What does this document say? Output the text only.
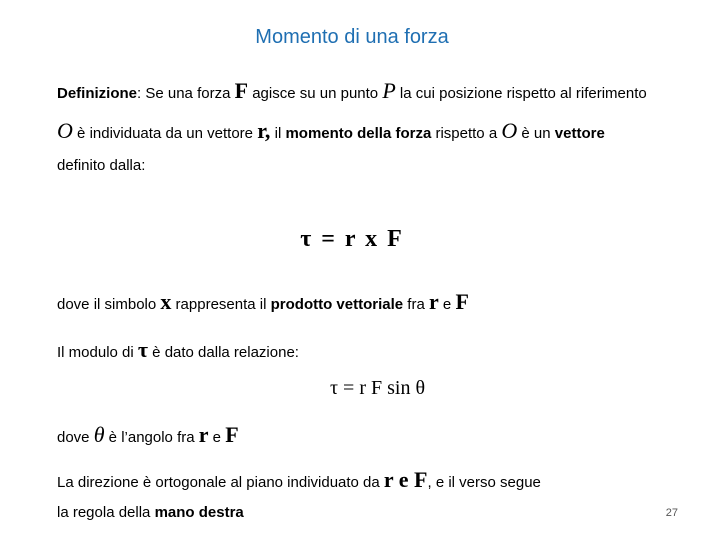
Momento di una forza
Definizione: Se una forza F agisce su un punto P la cui posizione rispetto al riferimento
O è individuata da un vettore r, il momento della forza rispetto a O è un vettore
definito dalla:
τ = r x F
dove il simbolo x rappresenta il prodotto vettoriale fra r e F
Il modulo di τ è dato dalla relazione:
τ = r F sin θ
dove θ è l’angolo fra r e F
La direzione è ortogonale al piano individuato da r e F, e il verso segue
la regola della mano destra	27
